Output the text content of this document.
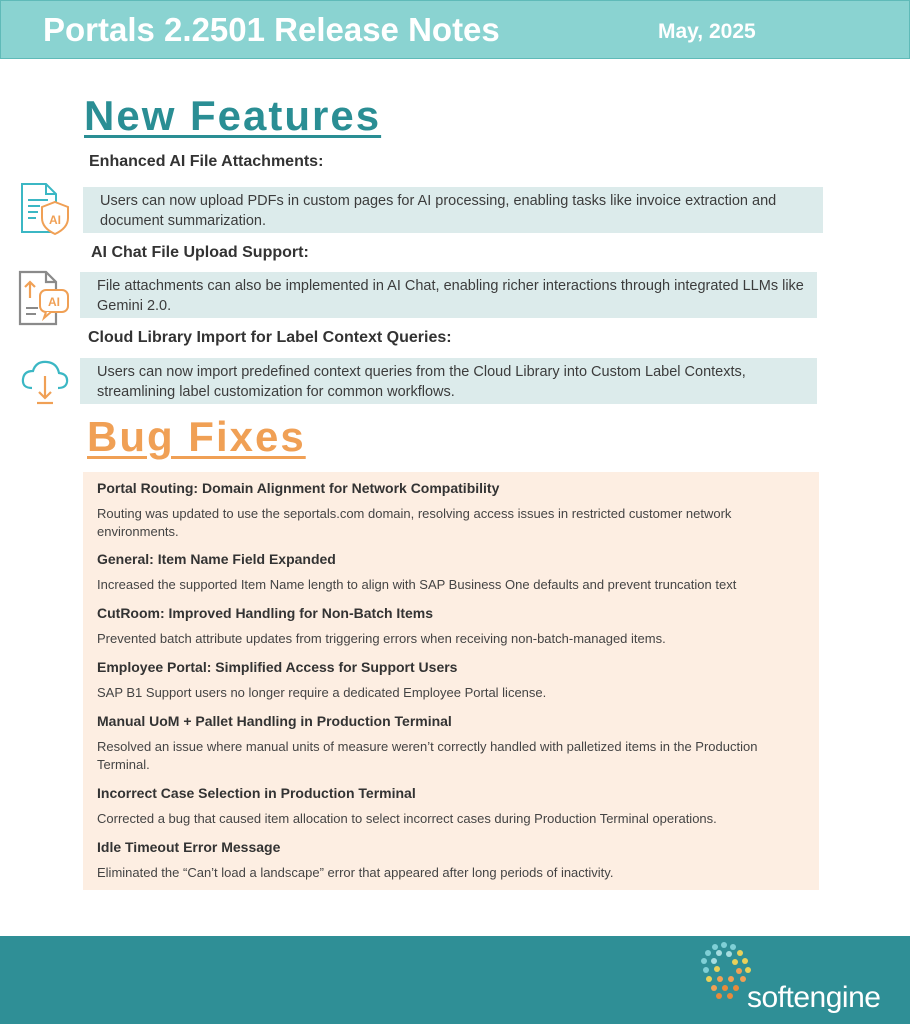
Portals 2.2501 Release Notes	May, 2025
New Features
Enhanced AI File Attachments:
AI
Users can now upload PDFs in custom pages for AI processing, enabling tasks like invoice extraction and document summarization.
AI Chat File Upload Support:
AI
File attachments can also be implemented in AI Chat, enabling richer interactions through integrated LLMs like Gemini 2.0.
Cloud Library Import for Label Context Queries:
Users can now import predefined context queries from the Cloud Library into Custom Label Contexts, streamlining label customization for common workflows.
Bug Fixes
Portal Routing: Domain Alignment for Network Compatibility
Routing was updated to use the seportals.com domain, resolving access issues in restricted customer network environments.
General: Item Name Field Expanded
Increased the supported Item Name length to align with SAP Business One defaults and prevent truncation text
CutRoom: Improved Handling for Non-Batch Items
Prevented batch attribute updates from triggering errors when receiving non-batch-managed items.
Employee Portal: Simplified Access for Support Users
SAP B1 Support users no longer require a dedicated Employee Portal license.
Manual UoM + Pallet Handling in Production Terminal
Resolved an issue where manual units of measure weren’t correctly handled with palletized items in the Production Terminal.
Incorrect Case Selection in Production Terminal
Corrected a bug that caused item allocation to select incorrect cases during Production Terminal operations.
Idle Timeout Error Message
Eliminated the “Can’t load a landscape” error that appeared after long periods of inactivity.
softengine
